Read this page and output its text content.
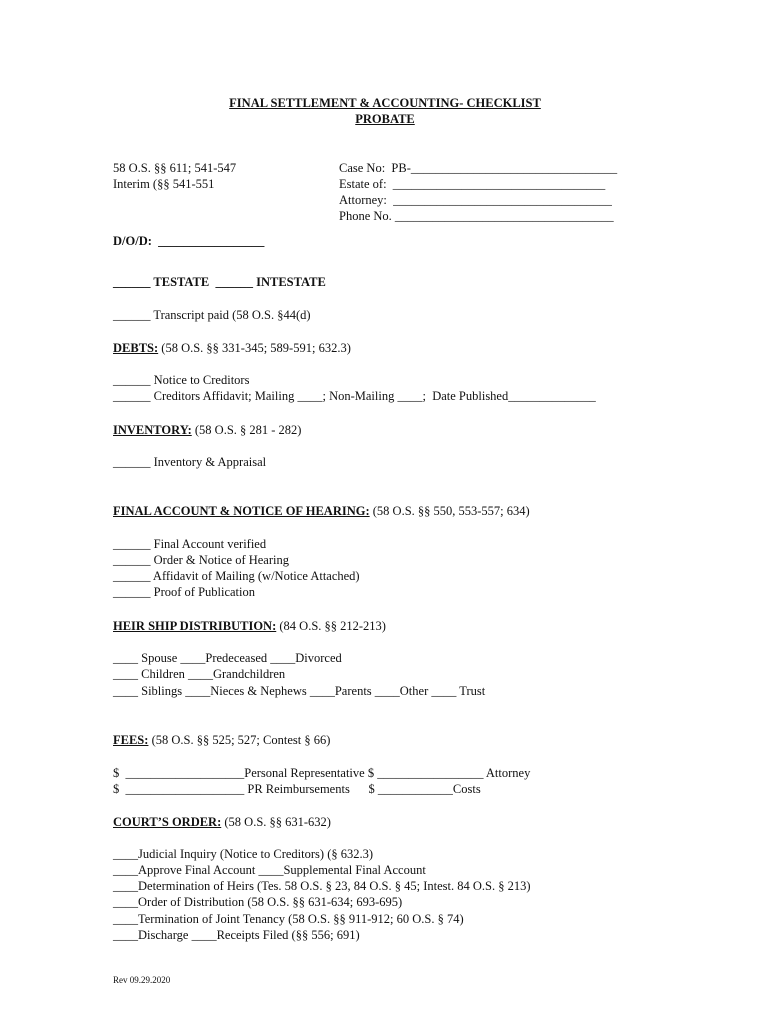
FINAL SETTLEMENT & ACCOUNTING- CHECKLIST
PROBATE
58 O.S. §§ 611; 541-547
Interim (§§ 541-551
Case No:  PB-_________________________________
Estate of:  __________________________________
Attorney:  ___________________________________
Phone No. ___________________________________
D/O/D:  _________________
______ TESTATE  ______ INTESTATE
______ Transcript paid (58 O.S. §44(d)
DEBTS: (58 O.S. §§ 331-345; 589-591; 632.3)
______ Notice to Creditors
______ Creditors Affidavit; Mailing ____; Non-Mailing ____;  Date Published______________
INVENTORY: (58 O.S. § 281 - 282)
______ Inventory & Appraisal
FINAL ACCOUNT & NOTICE OF HEARING: (58 O.S. §§ 550, 553-557; 634)
______ Final Account verified
______ Order & Notice of Hearing
______ Affidavit of Mailing (w/Notice Attached)
______ Proof of Publication
HEIR SHIP DISTRIBUTION: (84 O.S. §§ 212-213)
____ Spouse ____Predeceased ____Divorced
____ Children ____Grandchildren
____ Siblings ____Nieces & Nephews ____Parents ____Other ____ Trust
FEES: (58 O.S. §§ 525; 527; Contest § 66)
$  ___________________Personal Representative $ _________________ Attorney
$  ___________________ PR Reimbursements      $ ____________Costs
COURT’S ORDER: (58 O.S. §§ 631-632)
____Judicial Inquiry (Notice to Creditors) (§ 632.3)
____Approve Final Account ____Supplemental Final Account
____Determination of Heirs (Tes. 58 O.S. § 23, 84 O.S. § 45; Intest. 84 O.S. § 213)
____Order of Distribution (58 O.S. §§ 631-634; 693-695)
____Termination of Joint Tenancy (58 O.S. §§ 911-912; 60 O.S. § 74)
____Discharge ____Receipts Filed (§§ 556; 691)
Rev 09.29.2020
